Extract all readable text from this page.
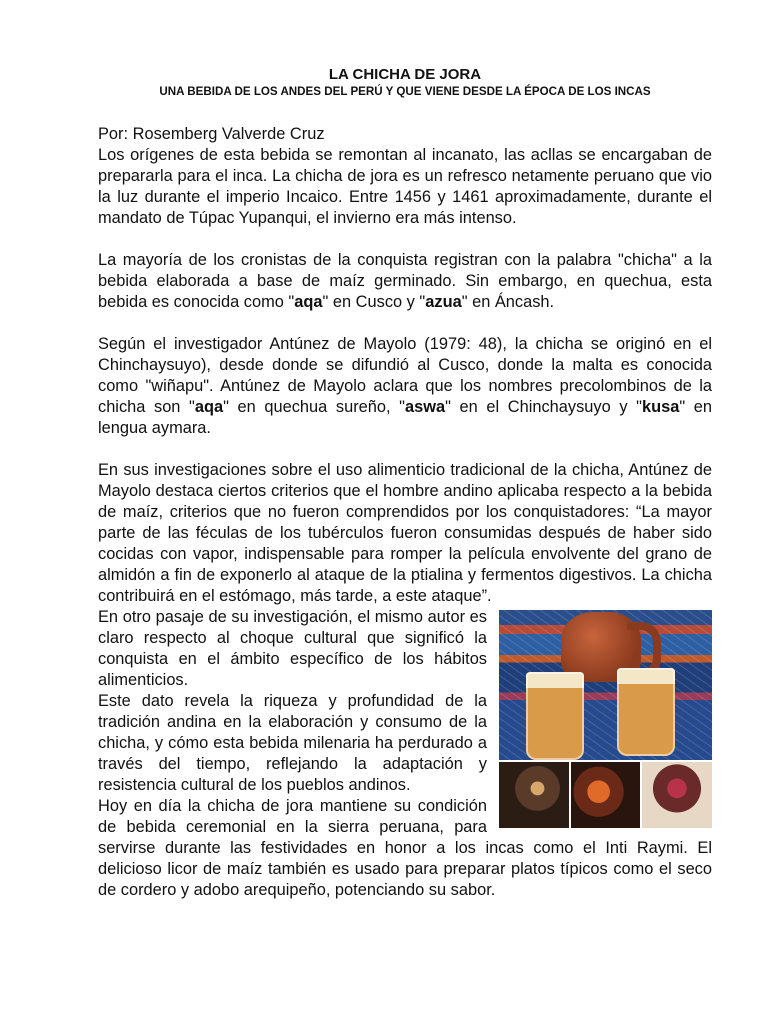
LA CHICHA DE JORA

UNA BEBIDA DE LOS ANDES DEL PERÚ Y QUE VIENE DESDE LA ÉPOCA DE LOS INCAS

Por: Rosemberg Valverde Cruz

Los orígenes de esta bebida se remontan al incanato, las acllas se encargaban de prepararla para el inca. La chicha de jora es un refresco netamente peruano que vio la luz durante el imperio Incaico. Entre 1456 y 1461 aproximadamente, durante el mandato de Túpac Yupanqui, el invierno era más intenso.

La mayoría de los cronistas de la conquista registran con la palabra "chicha" a la bebida elaborada a base de maíz germinado. Sin embargo, en quechua, esta bebida es conocida como "aqa" en Cusco y "azua" en Áncash.

Según el investigador Antúnez de Mayolo (1979: 48), la chicha se originó en el Chinchaysuyo), desde donde se difundió al Cusco, donde la malta es conocida como "wiñapu". Antúnez de Mayolo aclara que los nombres precolombinos de la chicha son "aqa" en quechua sureño, "aswa" en el Chinchaysuyo y "kusa" en lengua aymara.

En sus investigaciones sobre el uso alimenticio tradicional de la chicha, Antúnez de Mayolo destaca ciertos criterios que el hombre andino aplicaba respecto a la bebida de maíz, criterios que no fueron comprendidos por los conquistadores: “La mayor parte de las féculas de los tubérculos fueron consumidas después de haber sido cocidas con vapor, indispensable para romper la película envolvente del grano de almidón a fin de exponerlo al ataque de la ptialina y fermentos digestivos. La chicha contribuirá en el estómago, más tarde, a este ataque”.

En otro pasaje de su investigación, el mismo autor es claro respecto al choque cultural que significó la conquista en el ámbito específico de los hábitos alimenticios.

Este dato revela la riqueza y profundidad de la tradición andina en la elaboración y consumo de la chicha, y cómo esta bebida milenaria ha perdurado a través del tiempo, reflejando la adaptación y resistencia cultural de los pueblos andinos.

Hoy en día la chicha de jora mantiene su condición de bebida ceremonial en la sierra peruana, para servirse durante las festividades en honor a los incas como el Inti Raymi. El delicioso licor de maíz también es usado para preparar platos típicos como el seco de cordero y adobo arequipeño, potenciando su sabor.
